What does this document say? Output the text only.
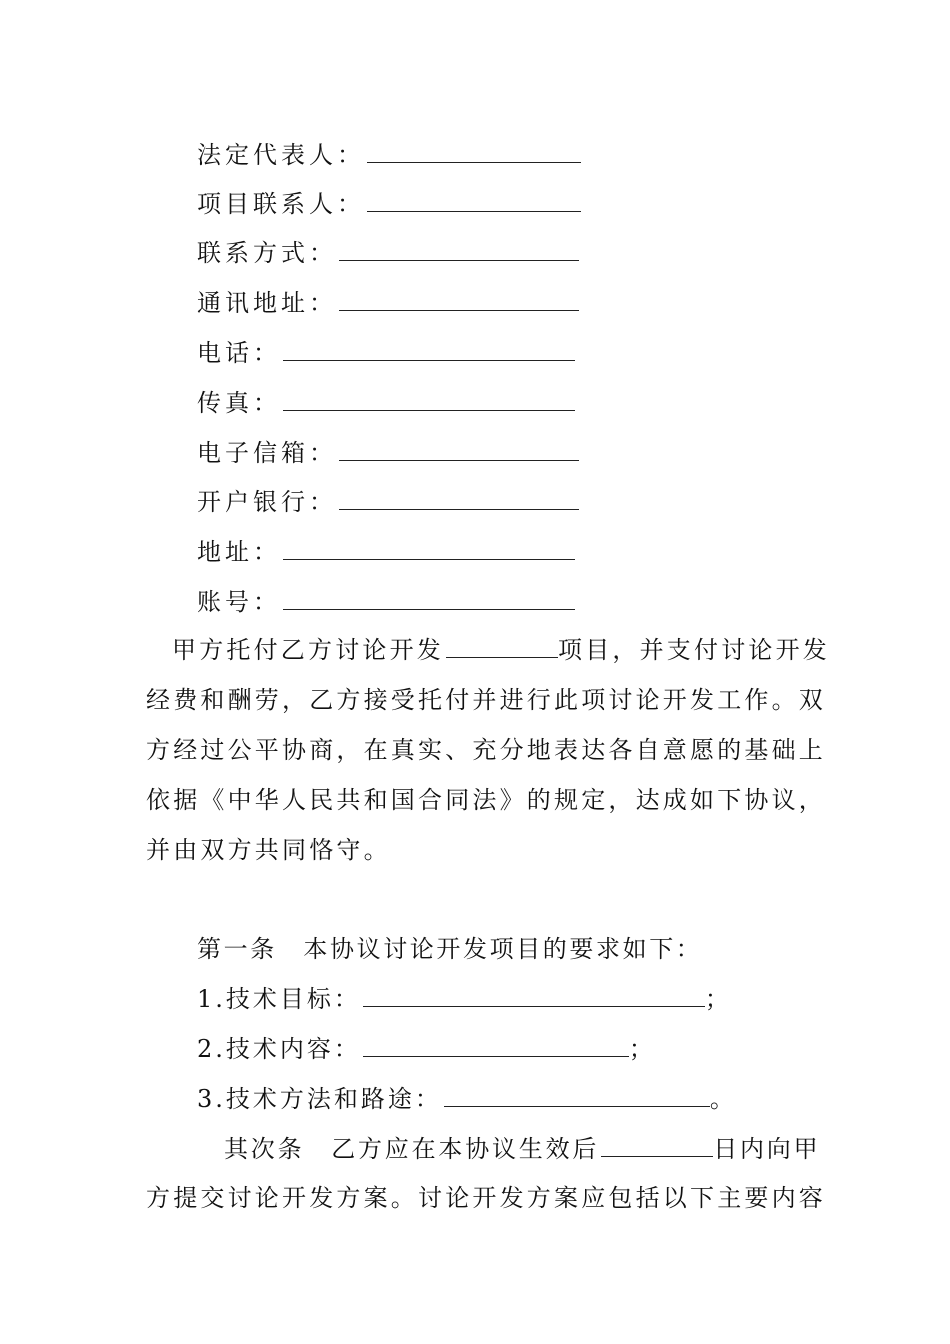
法定代表人：
项目联系人：
联系方式：
通讯地址：
电话：
传真：
电子信箱：
开户银行：
地址：
账号：
甲方托付乙方讨论开发	项目，并支付讨论开发
经费和酬劳，乙方接受托付并进行此项讨论开发工作。双
方经过公平协商，在真实、充分地表达各自意愿的基础上
依据《中华人民共和国合同法》的规定，达成如下协议，
并由双方共同恪守。
第一条　本协议讨论开发项目的要求如下：
1.技术目标：	；
2.技术内容：	；
3.技术方法和路途：	。
其次条　乙方应在本协议生效后	日内向甲
方提交讨论开发方案。讨论开发方案应包括以下主要内容
